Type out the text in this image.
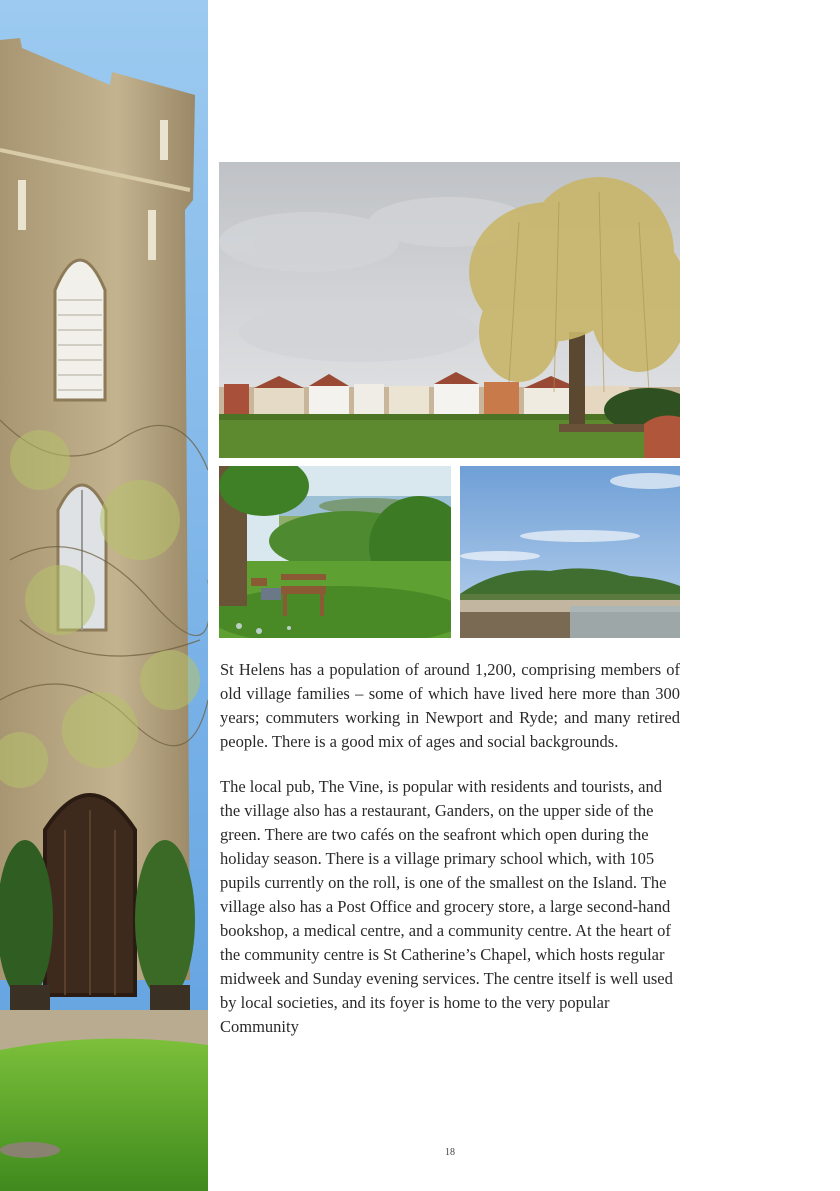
St Helens has a population of around 1,200, comprising members of old village families – some of which have lived here more than 300 years; commuters working in Newport and Ryde; and many retired people. There is a good mix of ages and social backgrounds.

The local pub, The Vine, is popular with residents and tourists, and the village also has a restaurant, Ganders, on the upper side of the green. There are two cafés on the seafront which open during the holiday season. There is a village primary school which, with 105 pupils currently on the roll, is one of the smallest on the Island. The village also has a Post Office and grocery store, a large second-hand bookshop, a medical centre, and a community centre. At the heart of the community centre is St Catherine’s Chapel, which hosts regular midweek and Sunday evening services. The centre itself is well used by local societies, and its foyer is home to the very popular Community

18
